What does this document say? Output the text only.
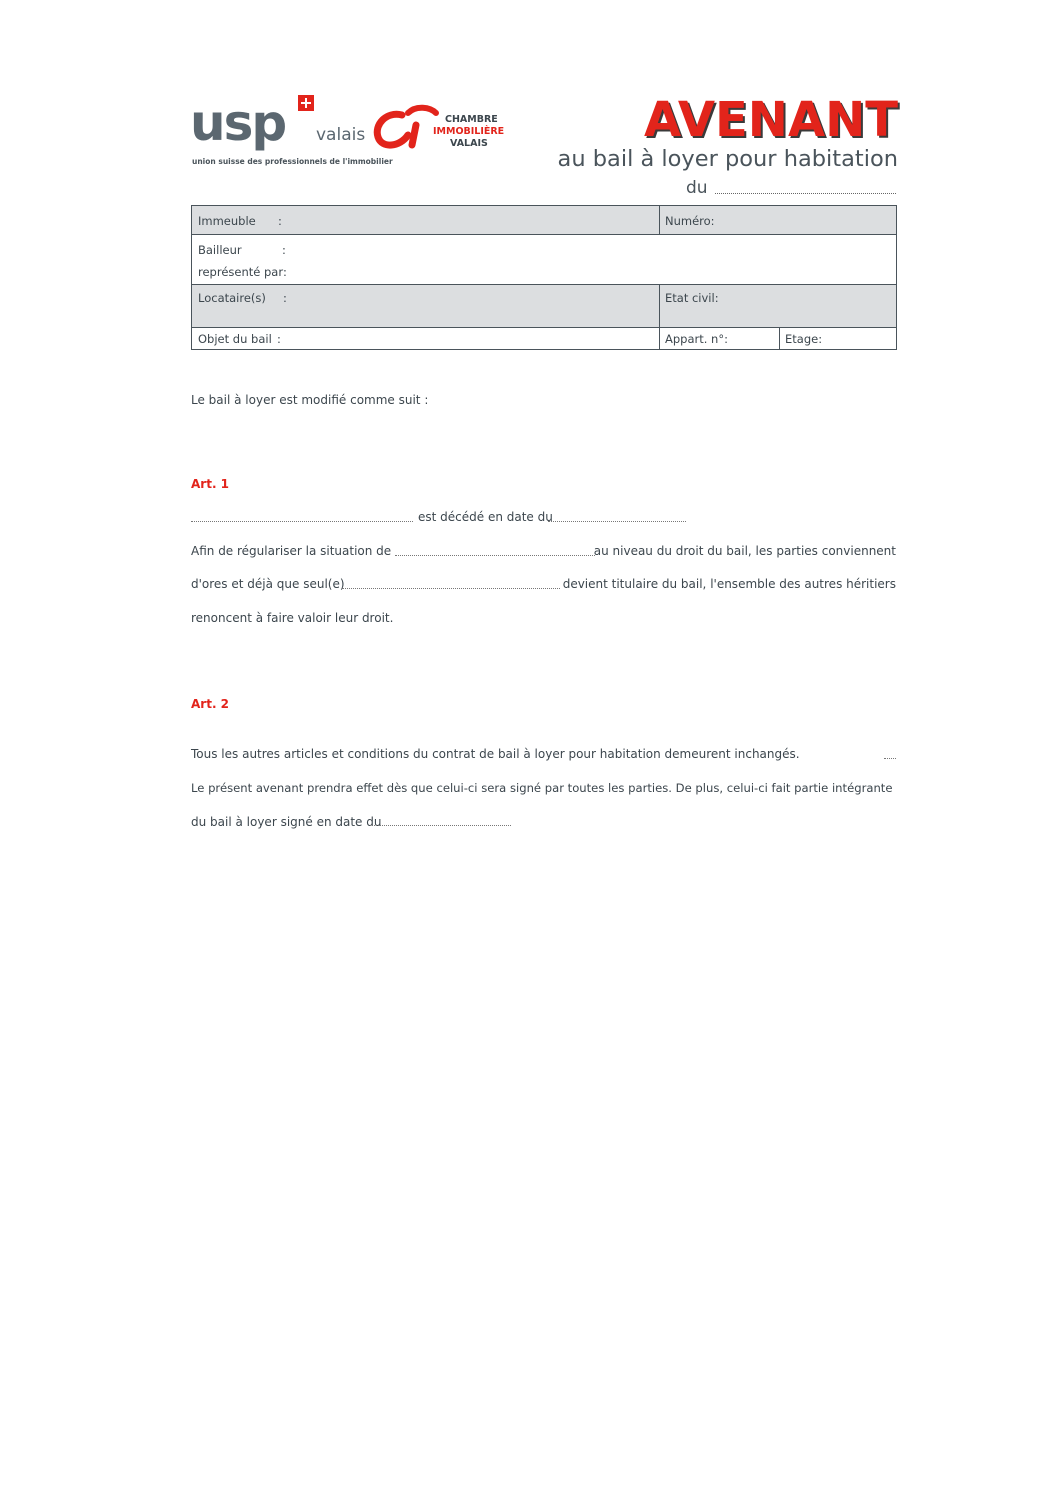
usp valais
union suisse des professionnels de l'immobilier
CHAMBRE
IMMOBILIÈRE
VALAIS	AVENANT
au bail à loyer pour habitation
du
Immeuble :	Numéro:
Bailleur	:
représenté par :
Locataire(s) :	Etat civil:
Objet du bail :	Appart. n°:	Etage:
Le bail à loyer est modifié comme suit :
Art. 1
est décédé en date du
Afin de régulariser la situation de	au niveau du droit du bail, les parties conviennent
d'ores et déjà que seul(e)	devient titulaire du bail, l'ensemble des autres héritiers
renoncent à faire valoir leur droit.
Art. 2
Tous les autres articles et conditions du contrat de bail à loyer pour habitation demeurent inchangés.
Le présent avenant prendra effet dès que celui-ci sera signé par toutes les parties. De plus, celui-ci fait partie intégrante
du bail à loyer signé en date du
